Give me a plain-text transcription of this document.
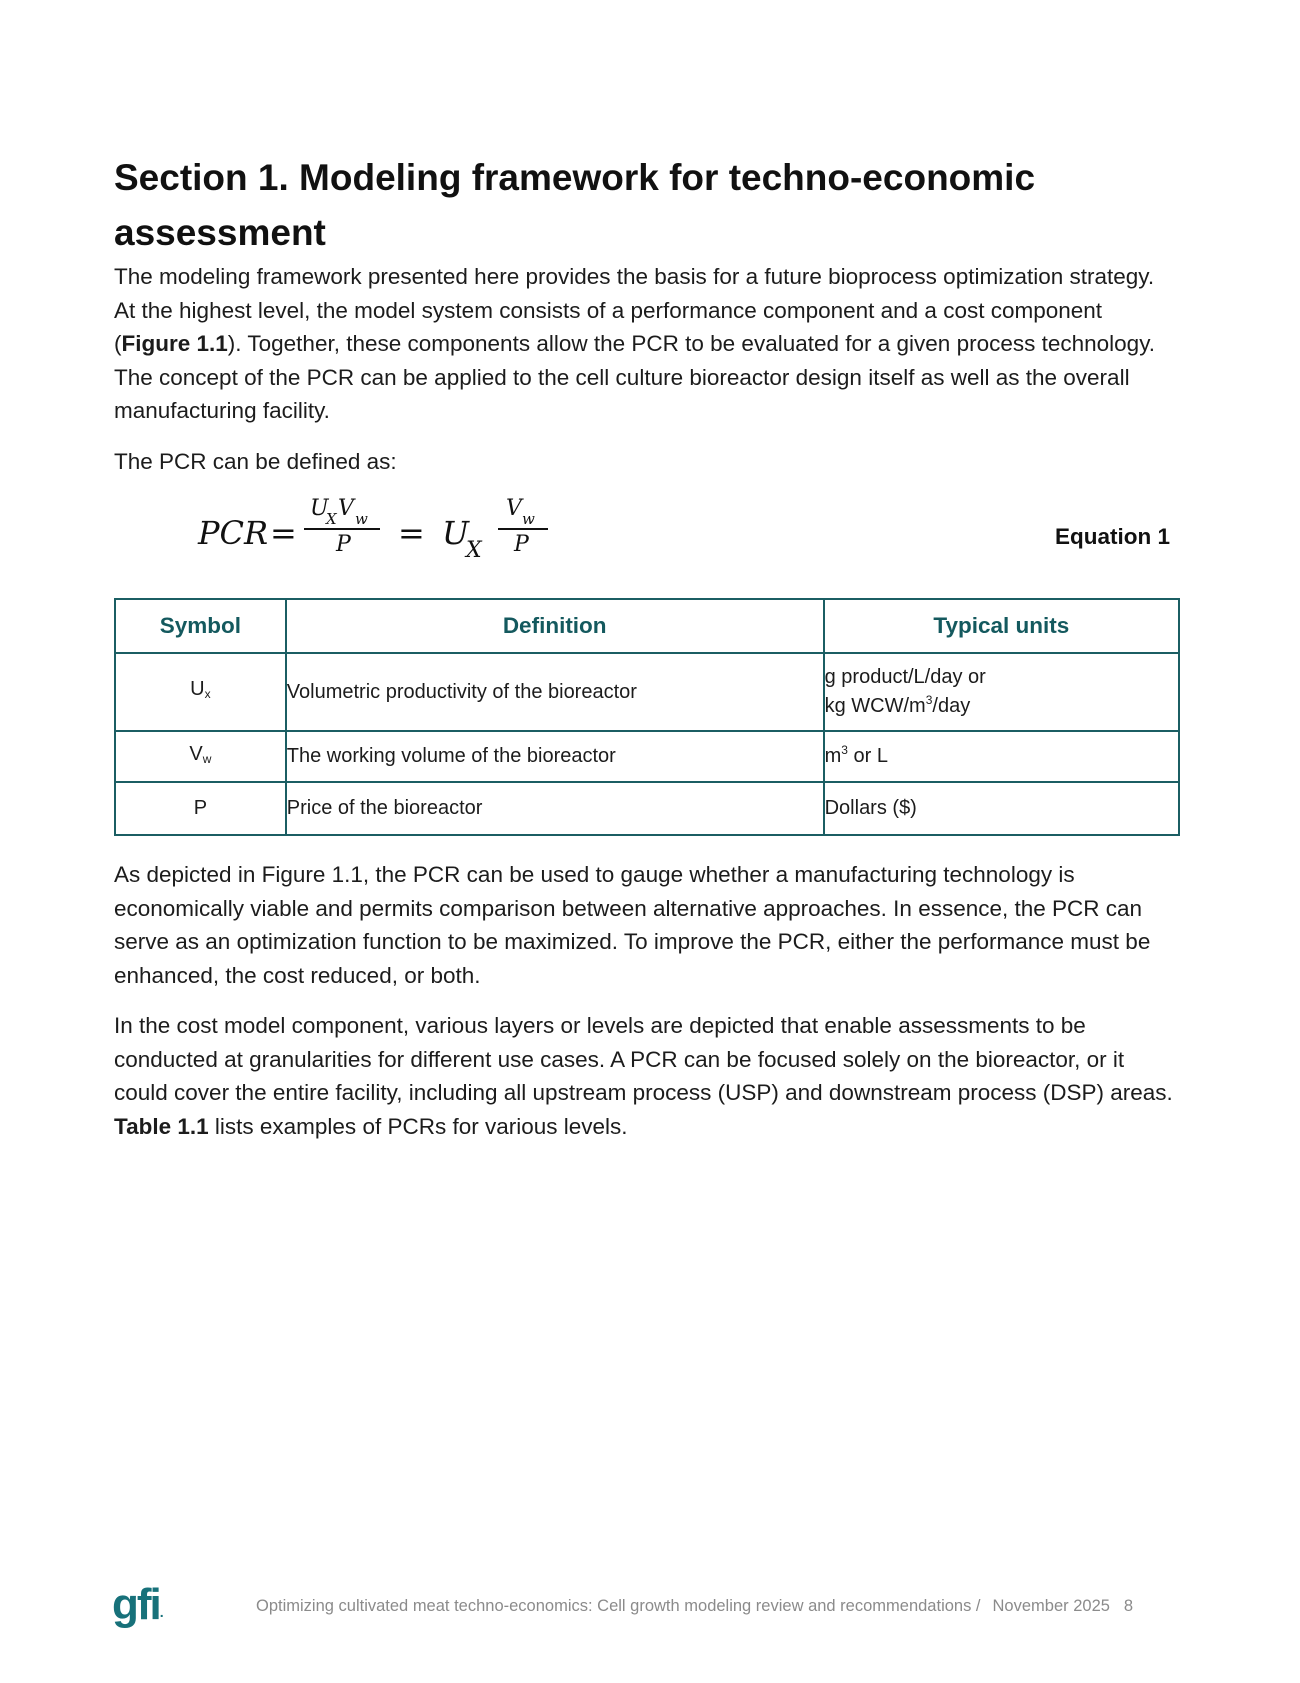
Section 1. Modeling framework for techno-economic assessment

The modeling framework presented here provides the basis for a future bioprocess optimization strategy. At the highest level, the model system consists of a performance component and a cost component (Figure 1.1). Together, these components allow the PCR to be evaluated for a given process technology. The concept of the PCR can be applied to the cell culture bioreactor design itself as well as the overall manufacturing facility.

The PCR can be defined as:

PCR =
U
X V w
P = U
X
V w
P	Equation 1
Symbol	Definition	Typical units
$U_x$	Volumetric productivity of the bioreactor	g product/L/day or
kg WCW/$m^3$/day
$V_w$	The working volume of the bioreactor	$m^3$ or L
P	Price of the bioreactor	Dollars ($)

As depicted in Figure 1.1, the PCR can be used to gauge whether a manufacturing technology is economically viable and permits comparison between alternative approaches. In essence, the PCR can serve as an optimization function to be maximized. To improve the PCR, either the performance must be enhanced, the cost reduced, or both.

In the cost model component, various layers or levels are depicted that enable assessments to be conducted at granularities for different use cases. A PCR can be focused solely on the bioreactor, or it could cover the entire facility, including all upstream process (USP) and downstream process (DSP) areas. Table 1.1 lists examples of PCRs for various levels.

gfi.	Optimizing cultivated meat techno-economics: Cell growth modeling review and recommendations / November 2025 8
